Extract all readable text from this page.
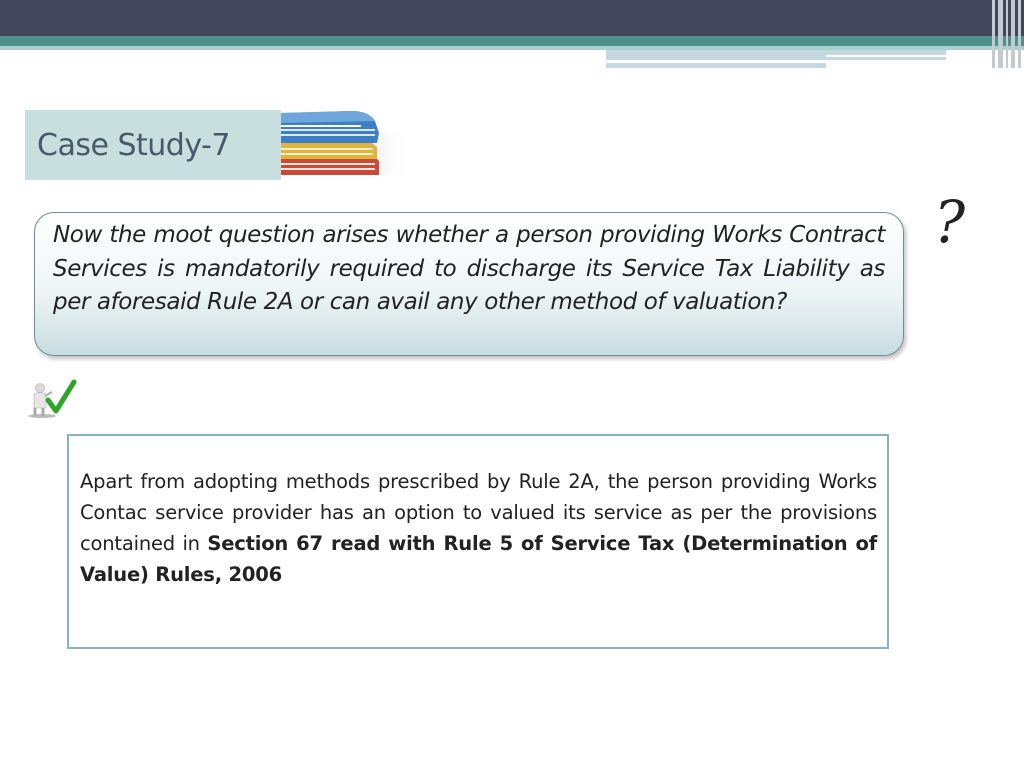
Case Study-7
Now the moot question arises whether a person providing Works Contract Services is mandatorily required to discharge its Service Tax Liability as per aforesaid Rule 2A or can avail any other method of valuation?
?
Apart from adopting methods prescribed by Rule 2A, the person providing Works Contac service provider has an option to valued its service as per the provisions contained in Section 67 read with Rule 5 of Service Tax (Determination of Value) Rules, 2006
